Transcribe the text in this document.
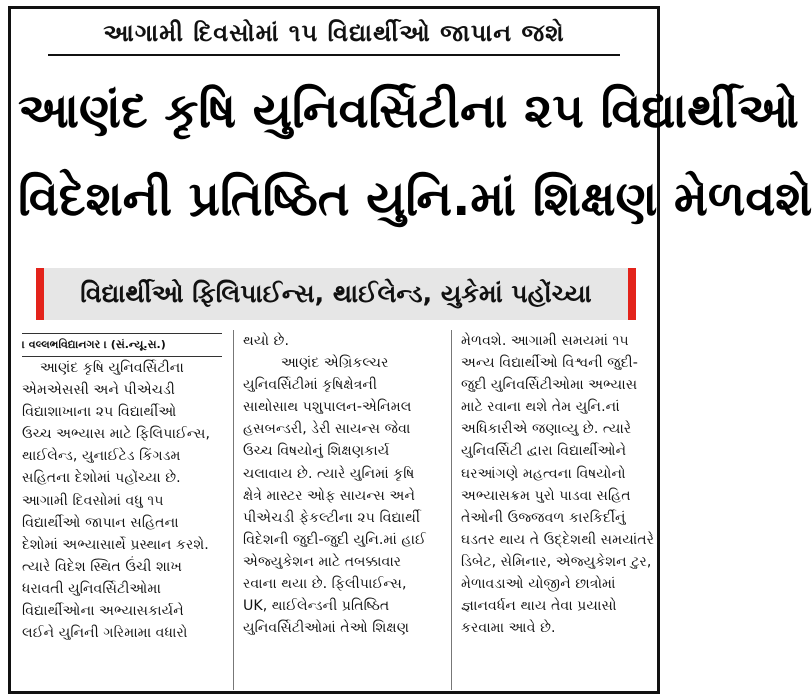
આગામી દિવસોમાં ૧૫ વિદ્યાર્થીઓ જાપાન જશે
આણંદ કૃષિ યુનિવર્સિટીના ૨૫ વિદ્યાર્થીઓ
વિદેશની પ્રતિષ્ઠિત યુનિ.માં શિક્ષણ મેળવશે
વિદ્યાર્થીઓ ફિલિપાઈન્સ, થાઈલેન્ડ, યુકેમાં પહોંચ્યા
। વલ્લભવિદ્યાનગર । (સં.ન્યૂ.સ.)
આણંદ કૃષિ યુનિવર્સિટીના
એમએસસી અને પીએચડી
વિદ્યાશાખાના ૨૫ વિદ્યાર્થીઓ
ઉચ્ચ અભ્યાસ માટે ફિલિપાઈન્સ,
થાઈલેન્ડ, યુનાઈટેડ કિંગડમ
સહિતના દેશોમાં પહોંચ્યા છે.
આગામી દિવસોમાં વધુ ૧૫
વિદ્યાર્થીઓ જાપાન સહિતના
દેશોમાં અભ્યાસાર્થે પ્રસ્થાન કરશે.
ત્યારે વિદેશ સ્થિત ઉંચી શાખ
ધરાવતી યુનિવર્સિટીઓમા
વિદ્યાર્થીઓના અભ્યાસકાર્યને
લઈને યુનિની ગરિમામા વધારો
થયો છે.
આણંદ એગ્રિકલ્ચર
યુનિવર્સિટીમાં કૃષિક્ષેત્રની
સાથોસાથ પશુપાલન-એનિમલ
હસબન્ડરી, ડેરી સાયન્સ જેવા
ઉચ્ચ વિષયોનું શિક્ષણકાર્ય
ચલાવાય છે. ત્યારે યુનિમાં કૃષિ
ક્ષેત્રે માસ્ટર ઓફ સાયન્સ અને
પીએચડી ફેકલ્ટીના ૨૫ વિદ્યાર્થી
વિદેશની જુદી-જુદી યુનિ.માં હાઈ
એજ્યુકેશન માટે તબક્કાવાર
રવાના થયા છે. ફિલીપાઈન્સ,
UK, થાઈલેન્ડની પ્રતિષ્ઠિત
યુનિવર્સિટીઓમાં તેઓ શિક્ષણ
મેળવશે. આગામી સમયમાં ૧૫
અન્ય વિદ્યાર્થીઓ વિશ્વની જુદી-
જુદી યુનિવર્સિટીઓમા અભ્યાસ
માટે રવાના થશે તેમ યુનિ.નાં
અધિકારીએ જણાવ્યુ છે. ત્યારે
યુનિવર્સિટી દ્વારા વિદ્યાર્થીઓને
ઘરઆંગણે મહત્વના વિષયોનો
અભ્યાસક્રમ પુરો પાડવા સહિત
તેઓની ઉજ્જવળ કારકિર્દીનું
ઘડતર થાય તે ઉદ્દેશથી સમયાંતરે
ડિબેટ, સેમિનાર, એજ્યુકેશન ટુર,
મેળાવડાઓ યોજીને છાત્રોમાં
જ્ઞાનવર્ધન થાય તેવા પ્રયાસો
કરવામા આવે છે.
